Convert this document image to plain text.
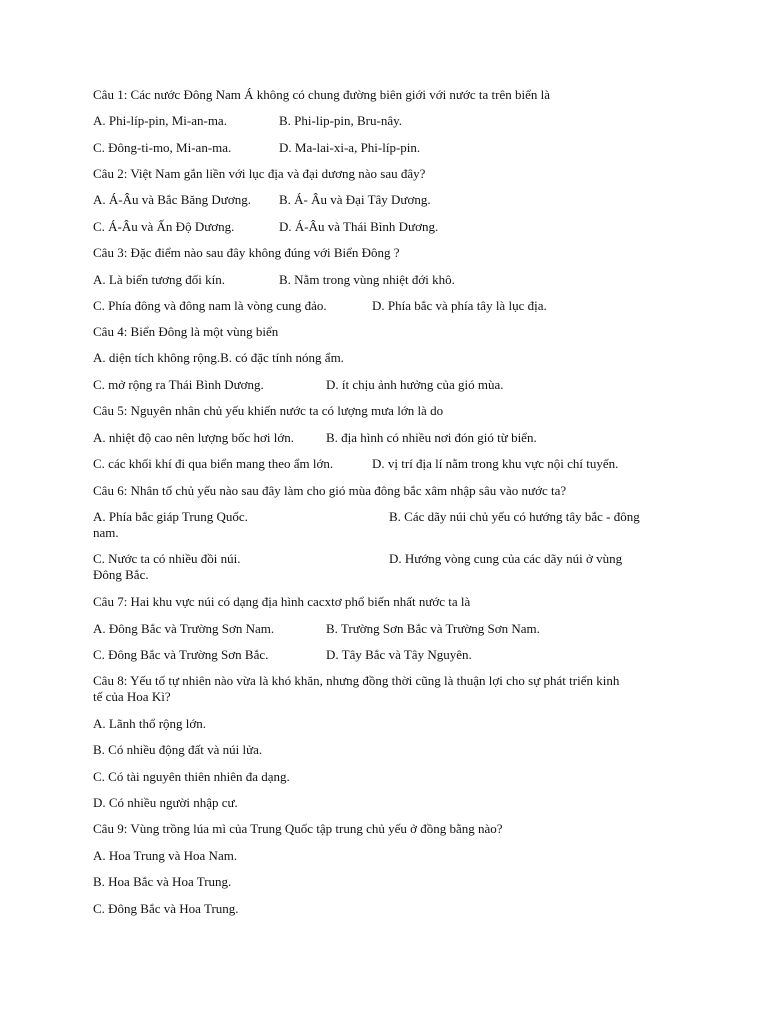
Câu 1: Các nước Đông Nam Á không có chung đường biên giới với nước ta trên biển là
A. Phi-líp-pin, Mi-an-ma.	B. Phi-lip-pin, Bru-nây.
C. Đông-ti-mo, Mi-an-ma.	D. Ma-lai-xi-a, Phi-líp-pin.
Câu 2: Việt Nam gắn liền với lục địa và đại dương nào sau đây?
A. Á-Âu và Bắc Băng Dương. B. Á- Âu và Đại Tây Dương.
C. Á-Âu và Ấn Độ Dương.	D. Á-Âu và Thái Bình Dương.
Câu 3: Đặc điểm nào sau đây không đúng với Biển Đông ?
A. Là biển tương đối kín.	B. Nằm trong vùng nhiệt đới khô.
C. Phía đông và đông nam là vòng cung đảo.	D. Phía bắc và phía tây là lục địa.
Câu 4: Biển Đông là một vùng biển
A. diện tích không rộng.B. có đặc tính nóng ẩm.
C. mở rộng ra Thái Bình Dương.	D. ít chịu ảnh hưởng của gió mùa.
Câu 5: Nguyên nhân chủ yếu khiến nước ta có lượng mưa lớn là do
A. nhiệt độ cao nên lượng bốc hơi lớn. B. địa hình có nhiều nơi đón gió từ biển.
C. các khối khí đi qua biển mang theo ẩm lớn.	D. vị trí địa lí nằm trong khu vực nội chí tuyến.
Câu 6: Nhân tố chủ yếu nào sau đây làm cho gió mùa đông bắc xâm nhập sâu vào nước ta?
A. Phía bắc giáp Trung Quốc.	B. Các dãy núi chủ yếu có hướng tây bắc - đông
nam.
C. Nước ta có nhiều đồi núi.	D. Hướng vòng cung của các dãy núi ở vùng
Đông Bắc.
Câu 7: Hai khu vực núi có dạng địa hình cacxtơ phổ biến nhất nước ta là
A. Đông Bắc và Trường Sơn Nam.	B. Trường Sơn Bắc và Trường Sơn Nam.
C. Đông Bắc và Trường Sơn Bắc.	D. Tây Bắc và Tây Nguyên.
Câu 8: Yếu tố tự nhiên nào vừa là khó khăn, nhưng đồng thời cũng là thuận lợi cho sự phát triển kinh
tế của Hoa Kì?
A. Lãnh thổ rộng lớn.
B. Có nhiều động đất và núi lửa.
C. Có tài nguyên thiên nhiên đa dạng.
D. Có nhiều người nhập cư.
Câu 9: Vùng trồng lúa mì của Trung Quốc tập trung chủ yếu ở đồng bằng nào?
A. Hoa Trung và Hoa Nam.
B. Hoa Bắc và Hoa Trung.
C. Đông Bắc và Hoa Trung.
